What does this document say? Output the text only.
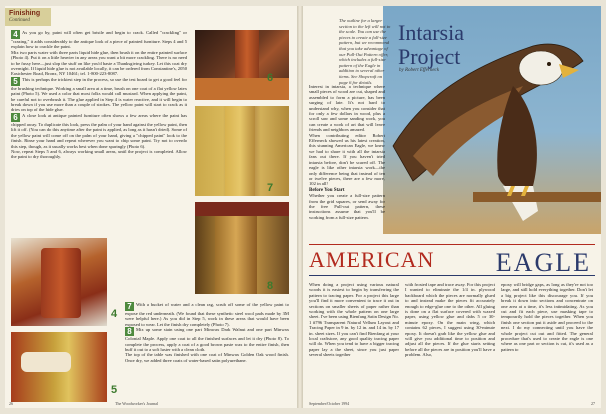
Finishing
Continued
4 As you go by, paint will often get bristle and begin to crack. Called "crackling" or "crazing," it adds considerably to the antique look of a piece of painted furniture. Steps 4 and 5 explain how to crackle the paint.
Mix two parts water with three parts liquid hide glue, then brush it on the entire painted surface (Photo 4). Put it on a little heavier in any areas you want a bit more crackling. There is no need to be fussy here—just slop the stuff on like you'd baste a Thanksgiving turkey. Let this coat dry overnight. If liquid hide glue is not available locally, it can be ordered from Constantine's, 2050 Eastchester Road, Bronx, NY 10461; tel. 1-800-223-8087.
5 This is perhaps the trickiest step in the process, so use the test board to get a good feel for the brushing technique. Working a small area at a time, brush on one coat of a flat yellow latex paint (Photo 5). We used a color that most folks would call mustard. When applying the paint, be careful not to overbrush it. The glue applied in Step 4 is water reactive, and it will begin to break down if you use more than a couple of strokes. The yellow paint will start to crack as it dries on top of the hide glue.
6 A close look at antique painted furniture often shows a few areas where the paint has chipped away. To duplicate this look, press the palm of your hand against the yellow paint, then lift it off. (You can do this anytime after the paint is applied, as long as it hasn't dried). Some of the yellow paint will come off on the palm of your hand, giving a "chipped paint" look to the finish. Rinse your hand and repeat wherever you want to chip some paint. Try not to overdo this step, though, as it usually works best when done sparingly (Photo 6).
Now, repeat Steps 5 and 6, always working small areas, until the project is completed. Allow the paint to dry thoroughly.
6
7
8
4
5
7 With a bucket of water and a clean rag, scrub off some of the yellow paint to expose the red underneath. (We found that these synthetic steel wool pads made by 3M were helpful here.) As you did in Step 5, work in these areas that would have been exposed to wear. Let the finish dry completely (Photo 7).
8 Mix up some stain using one part Minwax Dark Walnut and one part Minwax Colonial Maple. Apply one coat to all the finished surfaces and let it dry (Photo 8). To complete the process, apply a coat of a good brown paste wax to the entire finish, then buff it out to a soft luster with a clean cloth.
The top of the table was finished with one coat of Minwax Golden Oak wood finish. Once dry, we added three coats of water-based satin polyurethane.
26	The Woodworker's Journal
The outline for a larger section to the left will not to the scale. You can use the pieces to create a full-size pattern, but we recommend that you take advantage of our Pull-Out Pattern offer, which includes a full-size pattern of the Eagle in addition to several other items. See Shopcraft on page 6 for details.
Intarsia
Project
by Robert Efferneck
Interest in intarsia, a technique where small pieces of wood are cut, shaped and assembled to form a picture, has been surging of late. It's not hard to understand why, when you consider that for only a few dollars in wood, plus a scroll saw and some sanding work, you can create a work of art that will leave friends and neighbors amazed.
When contributing editor Robert Efferneck showed us his latest creation, this stunning American Eagle, we knew we had to share it with all the intarsia fans out there. If you haven't tried intarsia before, don't be scared off. The eagle is like other intarsia work—the only difference being that instead of ten or twelve pieces, there are a few more, 102 in all!
Before You Start
Whether you create a full-size pattern from the grid squares, or send away for the free Pull-out pattern, these instructions assume that you'll be working from a full-size pattern.
AMERICAN EAGLE
When doing a project using various natural woods it is easiest to begin by transferring the pattern to tracing paper. For a project this large you'll find it more convenient to trace it out in sections on smaller sheets of paper rather than working with the whole pattern on one large sheet. I've been using Bienfang Satin Design No. 1 #796 Transparent Natural Vellum Layout and Tracing Paper in 9 in. by 12 in. and 14 in. by 17 in. sheet sizes. If you can't find Bienfang at your local craftstore, any good quality tracing paper will do. When you tend to have a bigger tracing paper lay a the sheet, since you just paper several sheets together
with frosted tape and trace away. For this project I wanted to eliminate the 1/4 in. plywood backboard which the pieces are normally glued to and instead make the pieces fit accurately enough to edge-glue one to the other. All gluing is done on a flat surface covered with waxed paper, using yellow glue and dabs 5 or 30-minute epoxy. On the main wing, which contains 62 pieces, I suggest using 30-minute epoxy. It doesn't grab like the yellow glue and will give you additional time to position and adjust all the pieces. If the glue starts setting before all the pieces are in position you'll have a problem. Also,
epoxy will bridge gaps, as long as they're not too large, and still hold everything together. Don't let a big project like this discourage you. If you break it down into sections and concentrate on one area at a time, it's less intimidating. As you cut and fit each piece, use masking tape to temporarily hold the pieces together. When you finish one section put it aside and proceed to the next. I do my connecting until you have the whole project cut out and fitted. The general procedure that's used to create the eagle is one where as one part or section is cut, it's used as a pattern to
September/October 1994	27
